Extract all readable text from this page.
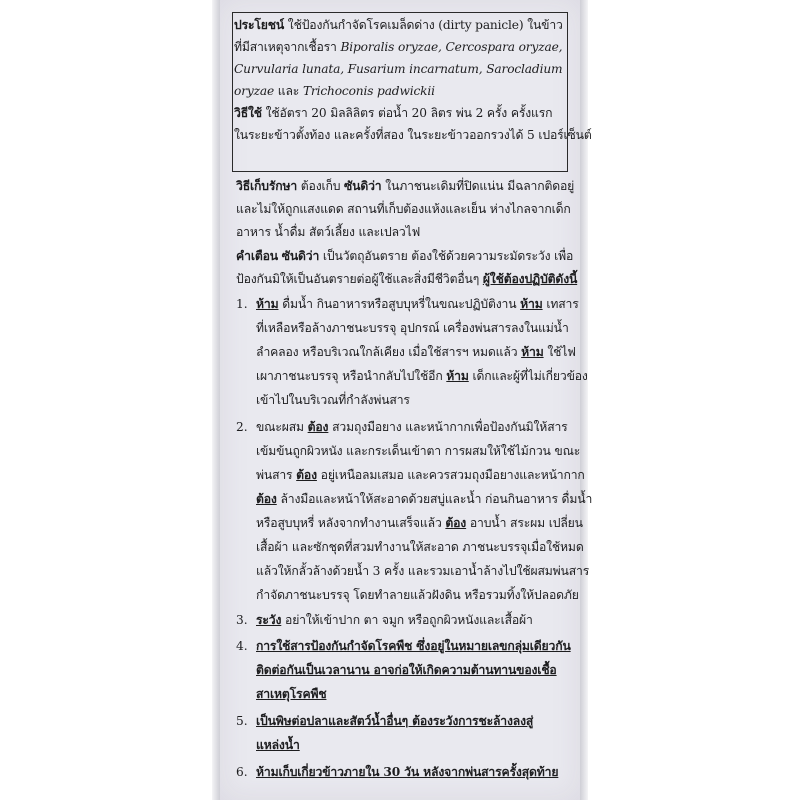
ประโยชน์ ใช้ป้องกันกำจัดโรคเมล็ดด่าง (dirty panicle) ในข้าว
ที่มีสาเหตุจากเชื้อรา Biporalis oryzae, Cercospara oryzae,
Curvularia lunata, Fusarium incarnatum, Sarocladium
oryzae และ Trichoconis padwickii
วิธีใช้ ใช้อัตรา 20 มิลลิลิตร ต่อน้ำ 20 ลิตร พ่น 2 ครั้ง ครั้งแรก
ในระยะข้าวตั้งท้อง และครั้งที่สอง ในระยะข้าวออกรวงได้ 5 เปอร์เซ็นต์
วิธีเก็บรักษา ต้องเก็บ ซันดิว่า ในภาชนะเดิมที่ปิดแน่น มีฉลากติดอยู่
และไม่ให้ถูกแสงแดด สถานที่เก็บต้องแห้งและเย็น ห่างไกลจากเด็ก
อาหาร น้ำดื่ม สัตว์เลี้ยง และเปลวไฟ
คำเตือน ซันดิว่า เป็นวัตถุอันตราย ต้องใช้ด้วยความระมัดระวัง เพื่อ
ป้องกันมิให้เป็นอันตรายต่อผู้ใช้และสิ่งมีชีวิตอื่นๆ ผู้ใช้ต้องปฏิบัติดังนี้
1. ห้าม ดื่มน้ำ กินอาหารหรือสูบบุหรี่ในขณะปฏิบัติงาน ห้าม เทสาร
ที่เหลือหรือล้างภาชนะบรรจุ อุปกรณ์ เครื่องพ่นสารลงในแม่น้ำ
ลำคลอง หรือบริเวณใกล้เคียง เมื่อใช้สารฯ หมดแล้ว ห้าม ใช้ไฟ
เผาภาชนะบรรจุ หรือนำกลับไปใช้อีก ห้าม เด็กและผู้ที่ไม่เกี่ยวข้อง
เข้าไปในบริเวณที่กำลังพ่นสาร
2. ขณะผสม ต้อง สวมถุงมือยาง และหน้ากากเพื่อป้องกันมิให้สาร
เข้มข้นถูกผิวหนัง และกระเด็นเข้าตา การผสมให้ใช้ไม้กวน ขณะ
พ่นสาร ต้อง อยู่เหนือลมเสมอ และควรสวมถุงมือยางและหน้ากาก
ต้อง ล้างมือและหน้าให้สะอาดด้วยสบู่และน้ำ ก่อนกินอาหาร ดื่มน้ำ
หรือสูบบุหรี่ หลังจากทำงานเสร็จแล้ว ต้อง อาบน้ำ สระผม เปลี่ยน
เสื้อผ้า และซักชุดที่สวมทำงานให้สะอาด ภาชนะบรรจุเมื่อใช้หมด
แล้วให้กลั้วล้างด้วยน้ำ 3 ครั้ง และรวมเอาน้ำล้างไปใช้ผสมพ่นสาร
กำจัดภาชนะบรรจุ โดยทำลายแล้วฝังดิน หรือรวมทิ้งให้ปลอดภัย
3. ระวัง อย่าให้เข้าปาก ตา จมูก หรือถูกผิวหนังและเสื้อผ้า
4. การใช้สารป้องกันกำจัดโรคพืช ซึ่งอยู่ในหมายเลขกลุ่มเดียวกัน
ติดต่อกันเป็นเวลานาน อาจก่อให้เกิดความต้านทานของเชื้อ
สาเหตุโรคพืช
5. เป็นพิษต่อปลาและสัตว์น้ำอื่นๆ ต้องระวังการชะล้างลงสู่
แหล่งน้ำ
6. ห้ามเก็บเกี่ยวข้าวภายใน 30 วัน หลังจากพ่นสารครั้งสุดท้าย
